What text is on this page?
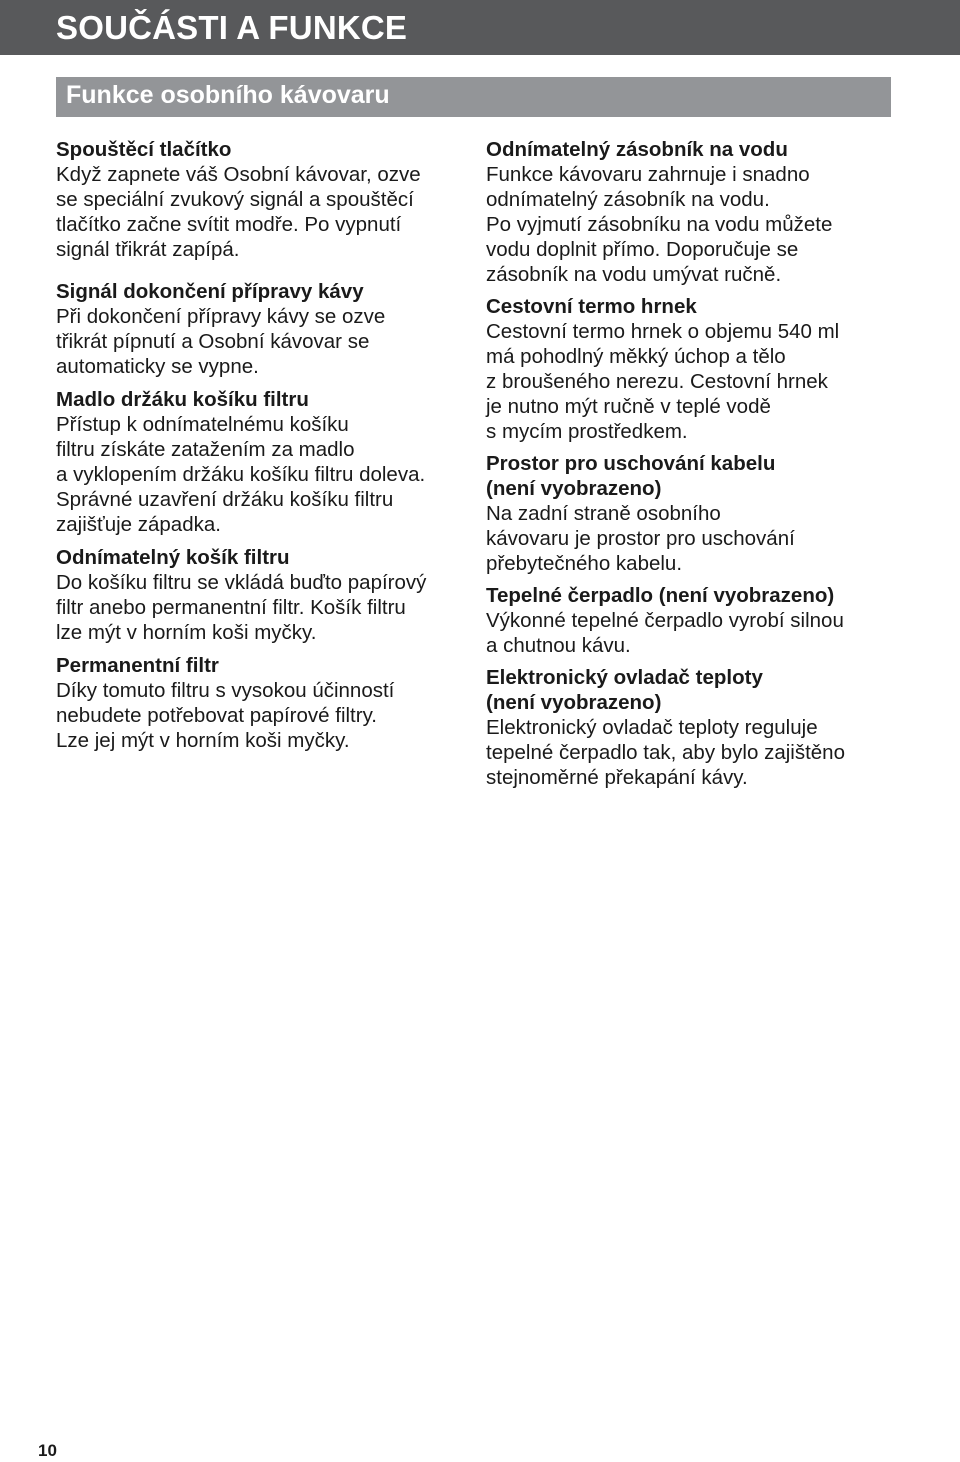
SOUČÁSTI A FUNKCE
Funkce osobního kávovaru
Spouštěcí tlačítko

Když zapnete váš Osobní kávovar, ozve

se speciální zvukový signál a spouštěcí

tlačítko začne svítit modře. Po vypnutí

signál třikrát zapípá.

Signál dokončení přípravy kávy

Při dokončení přípravy kávy se ozve

třikrát pípnutí a Osobní kávovar se

automaticky se vypne.

Madlo držáku košíku filtru

Přístup k odnímatelnému košíku

filtru získáte zatažením za madlo

a vyklopením držáku košíku filtru doleva.

Správné uzavření držáku košíku filtru

zajišťuje západka.

Odnímatelný košík filtru

Do košíku filtru se vkládá buďto papírový

filtr anebo permanentní filtr. Košík filtru

lze mýt v horním koši myčky.

Permanentní filtr

Díky tomuto filtru s vysokou účinností

nebudete potřebovat papírové filtry.

Lze jej mýt v horním koši myčky.

Odnímatelný zásobník na vodu

Funkce kávovaru zahrnuje i snadno

odnímatelný zásobník na vodu.

Po vyjmutí zásobníku na vodu můžete

vodu doplnit přímo. Doporučuje se

zásobník na vodu umývat ručně.

Cestovní termo hrnek

Cestovní termo hrnek o objemu 540 ml

má pohodlný měkký úchop a tělo

z broušeného nerezu. Cestovní hrnek

je nutno mýt ručně v teplé vodě

s mycím prostředkem.

Prostor pro uschování kabelu
(není vyobrazeno)

Na zadní straně osobního

kávovaru je prostor pro uschování

přebytečného kabelu.

Tepelné čerpadlo (není vyobrazeno)

Výkonné tepelné čerpadlo vyrobí silnou

a chutnou kávu.

Elektronický ovladač teploty
(není vyobrazeno)

Elektronický ovladač teploty reguluje

tepelné čerpadlo tak, aby bylo zajištěno

stejnoměrné překapání kávy.

10
